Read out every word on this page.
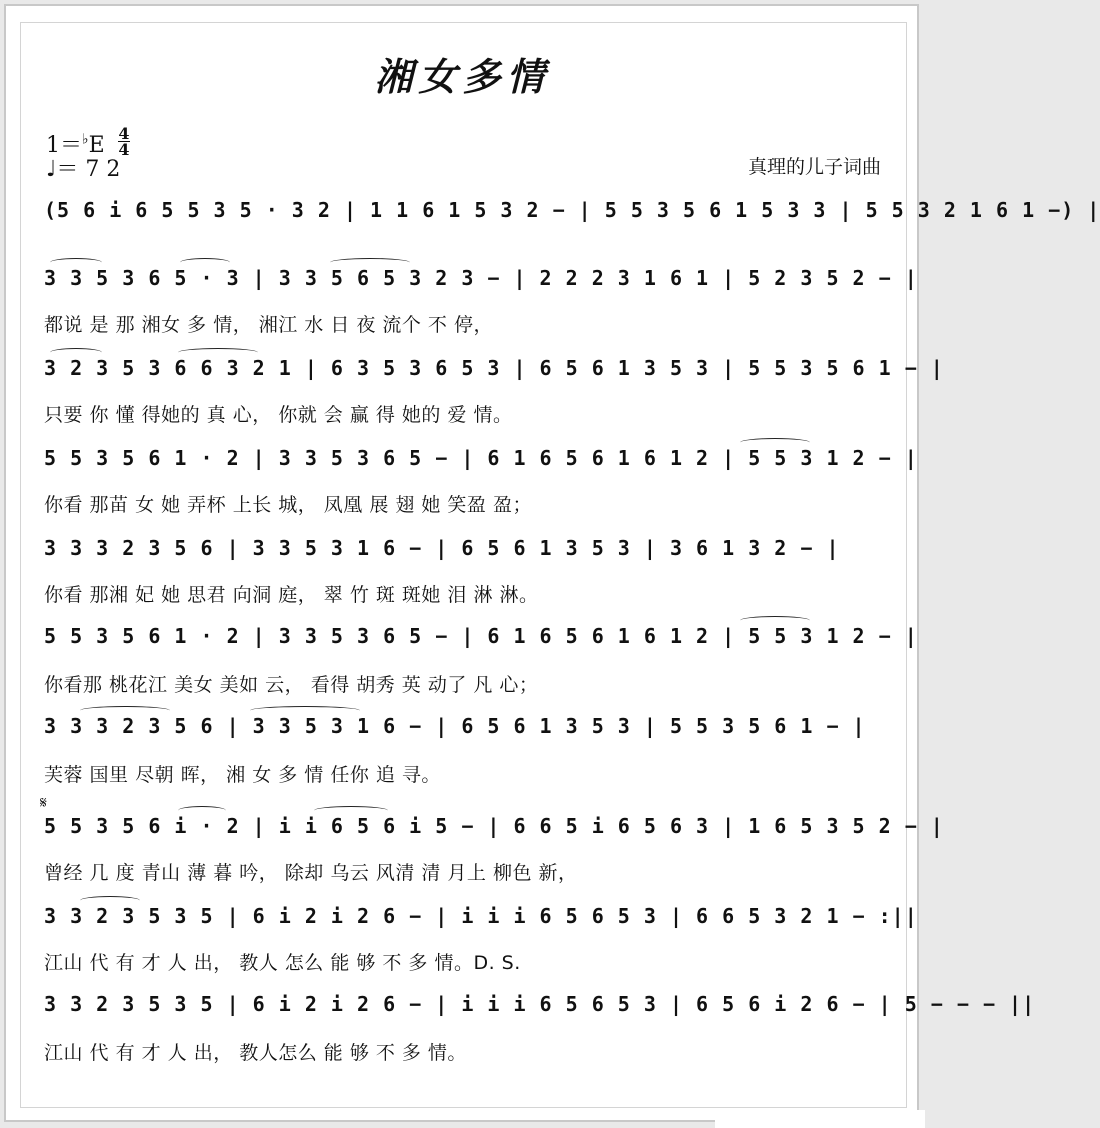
湘女多情
1＝♭E 4
4
♩＝ 7 2	真理的儿子词曲
𝄋
(5 6 i 6 5 5 3 5 · 3 2 | 1 1 6 1 5 3 2 − | 5 5 3 5 6 1 5 3 3 | 5 5 3 2 1 6 1 −) |
3 3 5 3 6 5 · 3 | 3 3 5 6 5 3 2 3 − | 2 2 2 3 1 6 1 | 5 2 3 5 2 − |
都说 是 那 湘女 多 情， 湘江 水 日 夜 流个 不 停，
3 2 3 5 3 6 6 3 2 1 | 6 3 5 3 6 5 3 | 6 5 6 1 3 5 3 | 5 5 3 5 6 1 − |
只要 你 懂 得她的 真 心， 你就 会 赢 得 她的 爱 情。
5 5 3 5 6 1 · 2 | 3 3 5 3 6 5 − | 6 1 6 5 6 1 6 1 2 | 5 5 3 1 2 − |
你看 那苗 女 她 弄杯 上长 城， 凤凰 展 翅 她 笑盈 盈；
3 3 3 2 3 5 6 | 3 3 5 3 1 6 − | 6 5 6 1 3 5 3 | 3 6 1 3 2 − |
你看 那湘 妃 她 思君 向洞 庭， 翠 竹 斑 斑她 泪 淋 淋。
5 5 3 5 6 1 · 2 | 3 3 5 3 6 5 − | 6 1 6 5 6 1 6 1 2 | 5 5 3 1 2 − |
你看那 桃花江 美女 美如 云， 看得 胡秀 英 动了 凡 心；
3 3 3 2 3 5 6 | 3 3 5 3 1 6 − | 6 5 6 1 3 5 3 | 5 5 3 5 6 1 − |
芙蓉 国里 尽朝 晖， 湘 女 多 情 任你 追 寻。
5 5 3 5 6 i · 2 | i i 6 5 6 i 5 − | 6 6 5 i 6 5 6 3 | 1 6 5 3 5 2 − |
曾经 几 度 青山 薄 暮 吟， 除却 乌云 风清 清 月上 柳色 新，
3 3 2 3 5 3 5 | 6 i 2 i 2 6 − | i i i 6 5 6 5 3 | 6 6 5 3 2 1 − :||
江山 代 有 才 人 出， 教人 怎么 能 够 不 多 情。D. S.
3 3 2 3 5 3 5 | 6 i 2 i 2 6 − | i i i 6 5 6 5 3 | 6 5 6 i 2 6 − | 5 − − − ||
江山 代 有 才 人 出， 教人怎么 能 够 不 多 情。
